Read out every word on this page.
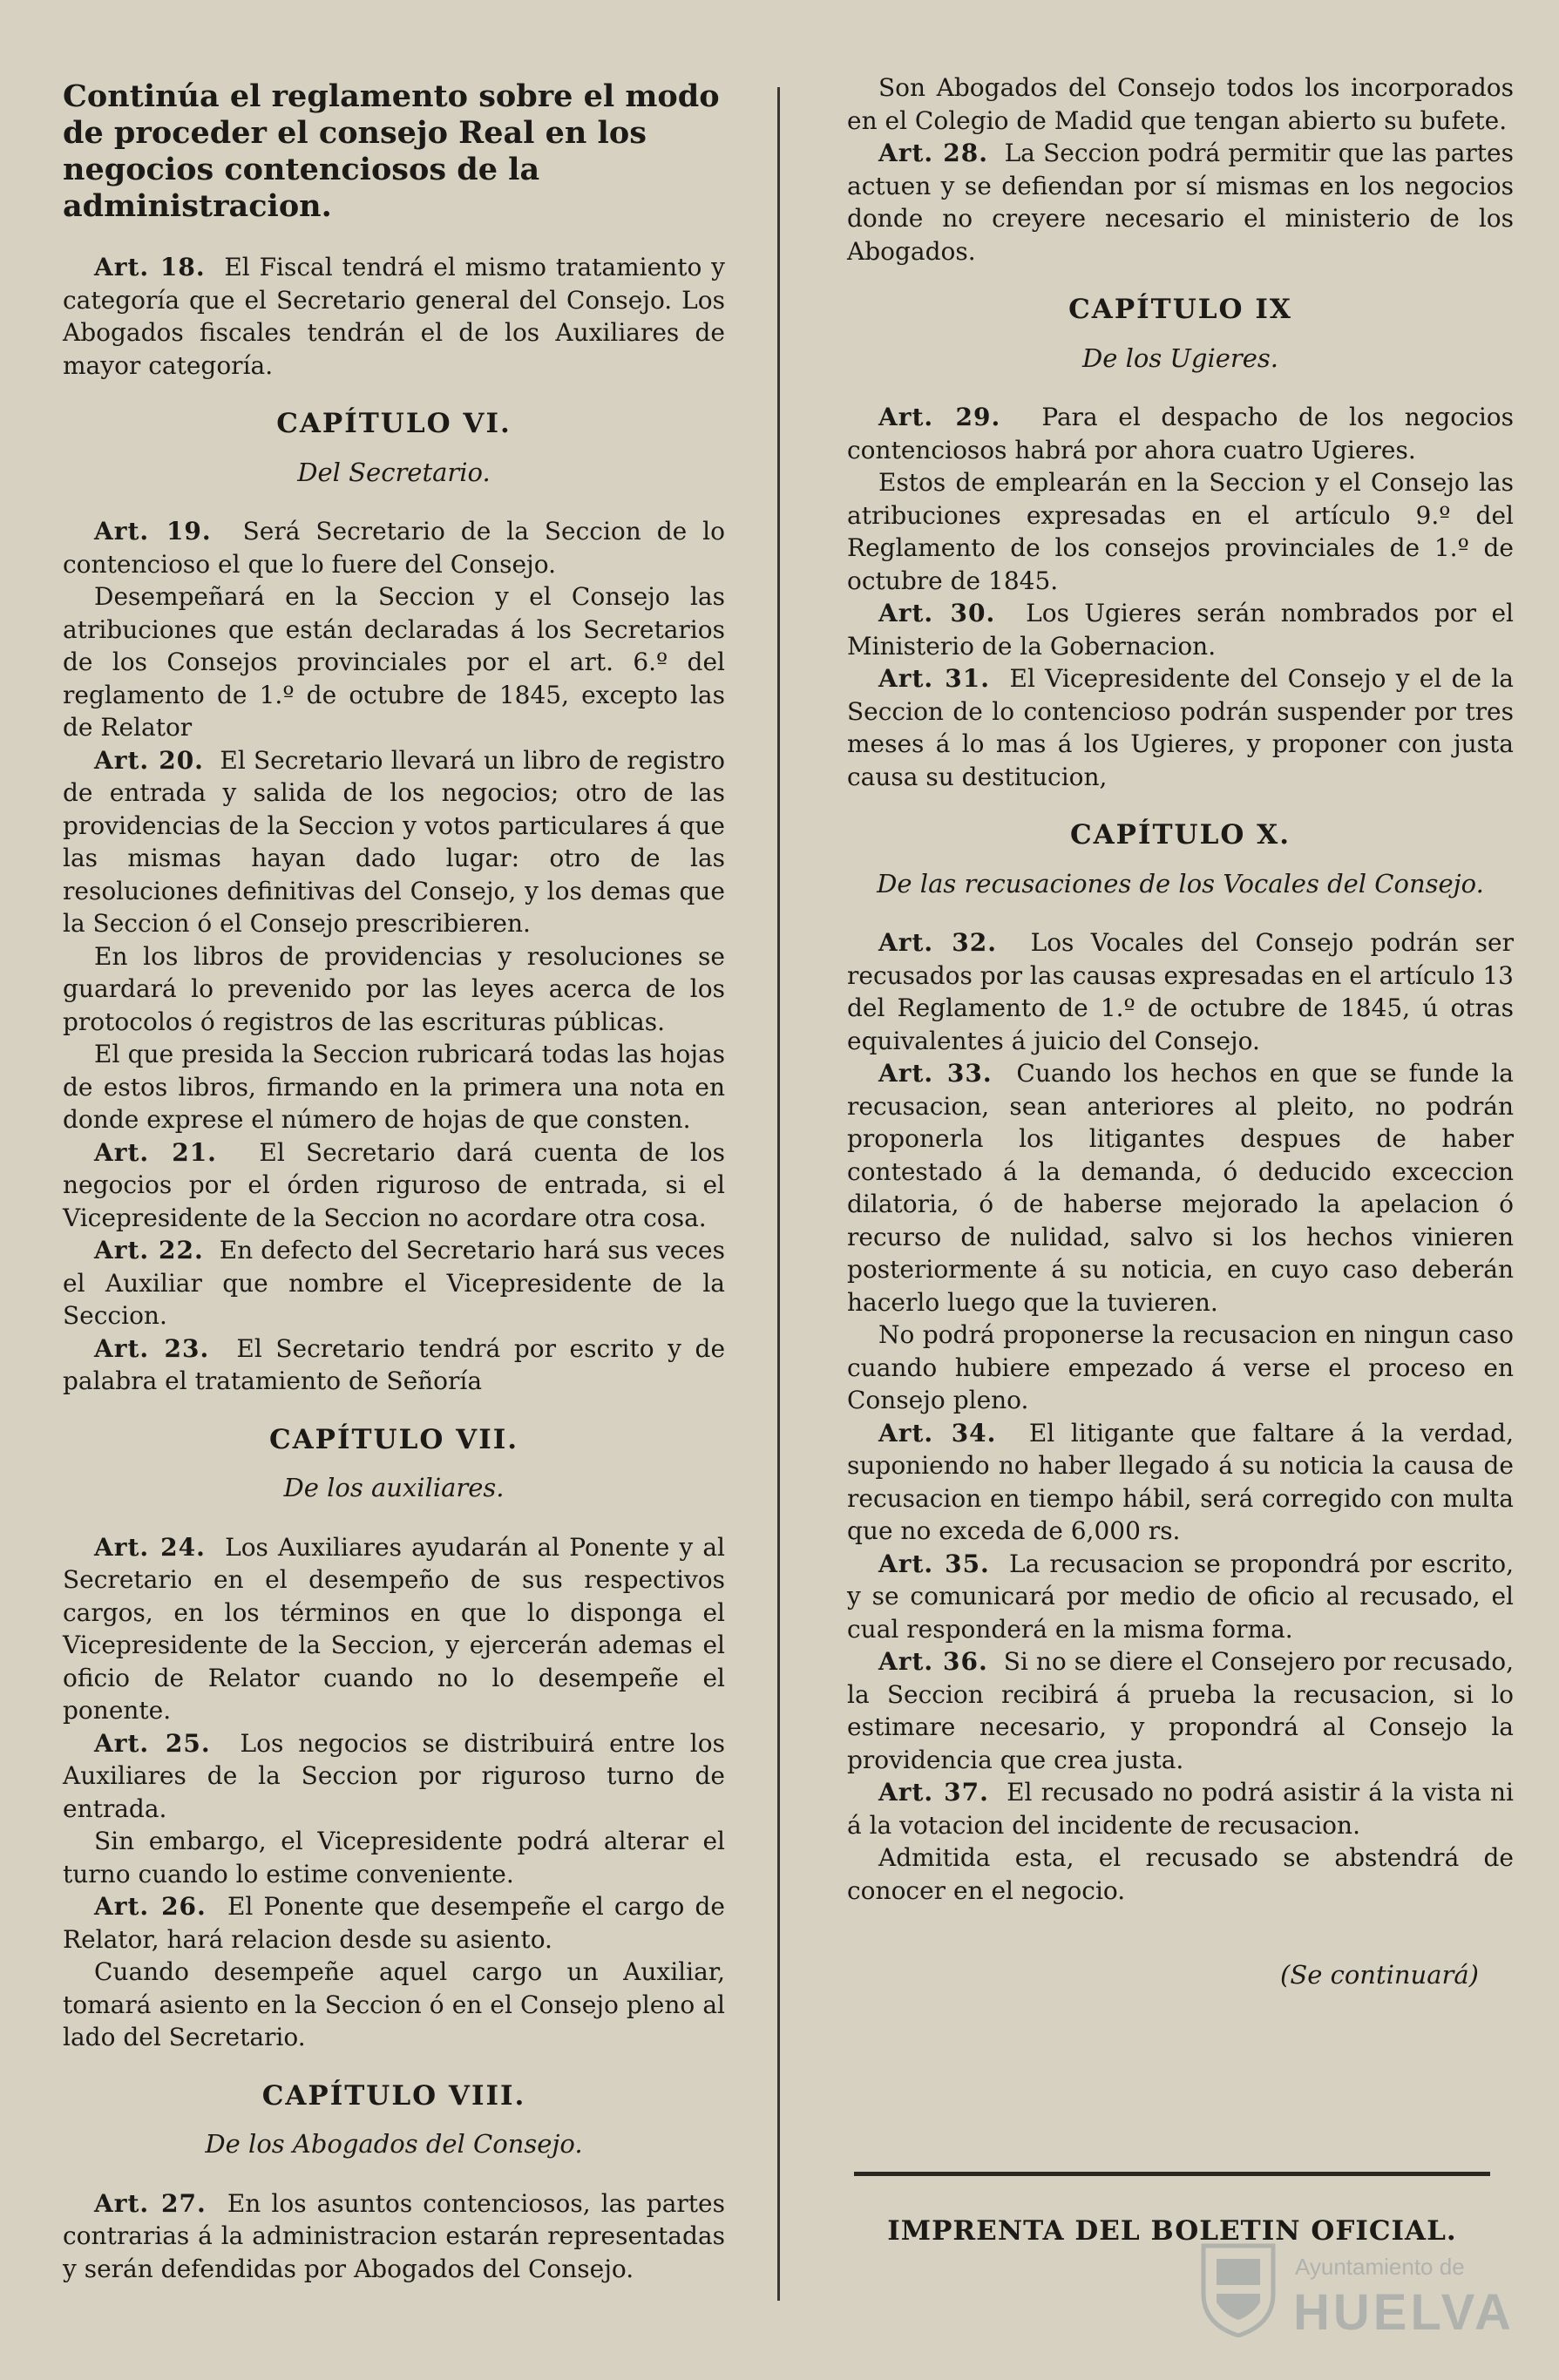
Continúa el reglamento sobre el modo de proceder el consejo Real en los negocios contenciosos de la administracion.

Art. 18. El Fiscal tendrá el mismo tratamiento y categoría que el Secretario general del Consejo. Los Abogados fiscales tendrán el de los Auxiliares de mayor categoría.

CAPÍTULO VI.
Del Secretario.

Art. 19. Será Secretario de la Seccion de lo contencioso el que lo fuere del Consejo.

Desempeñará en la Seccion y el Consejo las atribuciones que están declaradas á los Secretarios de los Consejos provinciales por el art. 6.º del reglamento de 1.º de octubre de 1845, excepto las de Relator

Art. 20. El Secretario llevará un libro de registro de entrada y salida de los negocios; otro de las providencias de la Seccion y votos particulares á que las mismas hayan dado lugar: otro de las resoluciones definitivas del Consejo, y los demas que la Seccion ó el Consejo prescribieren.

En los libros de providencias y resoluciones se guardará lo prevenido por las leyes acerca de los protocolos ó registros de las escrituras públicas.

El que presida la Seccion rubricará todas las hojas de estos libros, firmando en la primera una nota en donde exprese el número de hojas de que consten.

Art. 21. El Secretario dará cuenta de los negocios por el órden riguroso de entrada, si el Vicepresidente de la Seccion no acordare otra cosa.

Art. 22. En defecto del Secretario hará sus veces el Auxiliar que nombre el Vicepresidente de la Seccion.

Art. 23. El Secretario tendrá por escrito y de palabra el tratamiento de Señoría

CAPÍTULO VII.
De los auxiliares.

Art. 24. Los Auxiliares ayudarán al Ponente y al Secretario en el desempeño de sus respectivos cargos, en los términos en que lo disponga el Vicepresidente de la Seccion, y ejercerán ademas el oficio de Relator cuando no lo desempeñe el ponente.

Art. 25. Los negocios se distribuirá entre los Auxiliares de la Seccion por riguroso turno de entrada.

Sin embargo, el Vicepresidente podrá alterar el turno cuando lo estime conveniente.

Art. 26. El Ponente que desempeñe el cargo de Relator, hará relacion desde su asiento.

Cuando desempeñe aquel cargo un Auxiliar, tomará asiento en la Seccion ó en el Consejo pleno al lado del Secretario.

CAPÍTULO VIII.
De los Abogados del Consejo.

Art. 27. En los asuntos contenciosos, las partes contrarias á la administracion estarán representadas y serán defendidas por Abogados del Consejo.

Son Abogados del Consejo todos los incorporados en el Colegio de Madid que tengan abierto su bufete.

Art. 28. La Seccion podrá permitir que las partes actuen y se defiendan por sí mismas en los negocios donde no creyere necesario el ministerio de los Abogados.

CAPÍTULO IX
De los Ugieres.

Art. 29. Para el despacho de los negocios contenciosos habrá por ahora cuatro Ugieres.

Estos de emplearán en la Seccion y el Consejo las atribuciones expresadas en el artículo 9.º del Reglamento de los consejos provinciales de 1.º de octubre de 1845.

Art. 30. Los Ugieres serán nombrados por el Ministerio de la Gobernacion.

Art. 31. El Vicepresidente del Consejo y el de la Seccion de lo contencioso podrán suspender por tres meses á lo mas á los Ugieres, y proponer con justa causa su destitucion,

CAPÍTULO X.
De las recusaciones de los Vocales del Consejo.

Art. 32. Los Vocales del Consejo podrán ser recusados por las causas expresadas en el artículo 13 del Reglamento de 1.º de octubre de 1845, ú otras equivalentes á juicio del Consejo.

Art. 33. Cuando los hechos en que se funde la recusacion, sean anteriores al pleito, no podrán proponerla los litigantes despues de haber contestado á la demanda, ó deducido exceccion dilatoria, ó de haberse mejorado la apelacion ó recurso de nulidad, salvo si los hechos vinieren posteriormente á su noticia, en cuyo caso deberán hacerlo luego que la tuvieren.

No podrá proponerse la recusacion en ningun caso cuando hubiere empezado á verse el proceso en Consejo pleno.

Art. 34. El litigante que faltare á la verdad, suponiendo no haber llegado á su noticia la causa de recusacion en tiempo hábil, será corregido con multa que no exceda de 6,000 rs.

Art. 35. La recusacion se propondrá por escrito, y se comunicará por medio de oficio al recusado, el cual responderá en la misma forma.

Art. 36. Si no se diere el Consejero por recusado, la Seccion recibirá á prueba la recusacion, si lo estimare necesario, y propondrá al Consejo la providencia que crea justa.

Art. 37. El recusado no podrá asistir á la vista ni á la votacion del incidente de recusacion.

Admitida esta, el recusado se abstendrá de conocer en el negocio.

(Se continuará)
IMPRENTA DEL BOLETIN OFICIAL.
Ayuntamiento de
HUELVA
